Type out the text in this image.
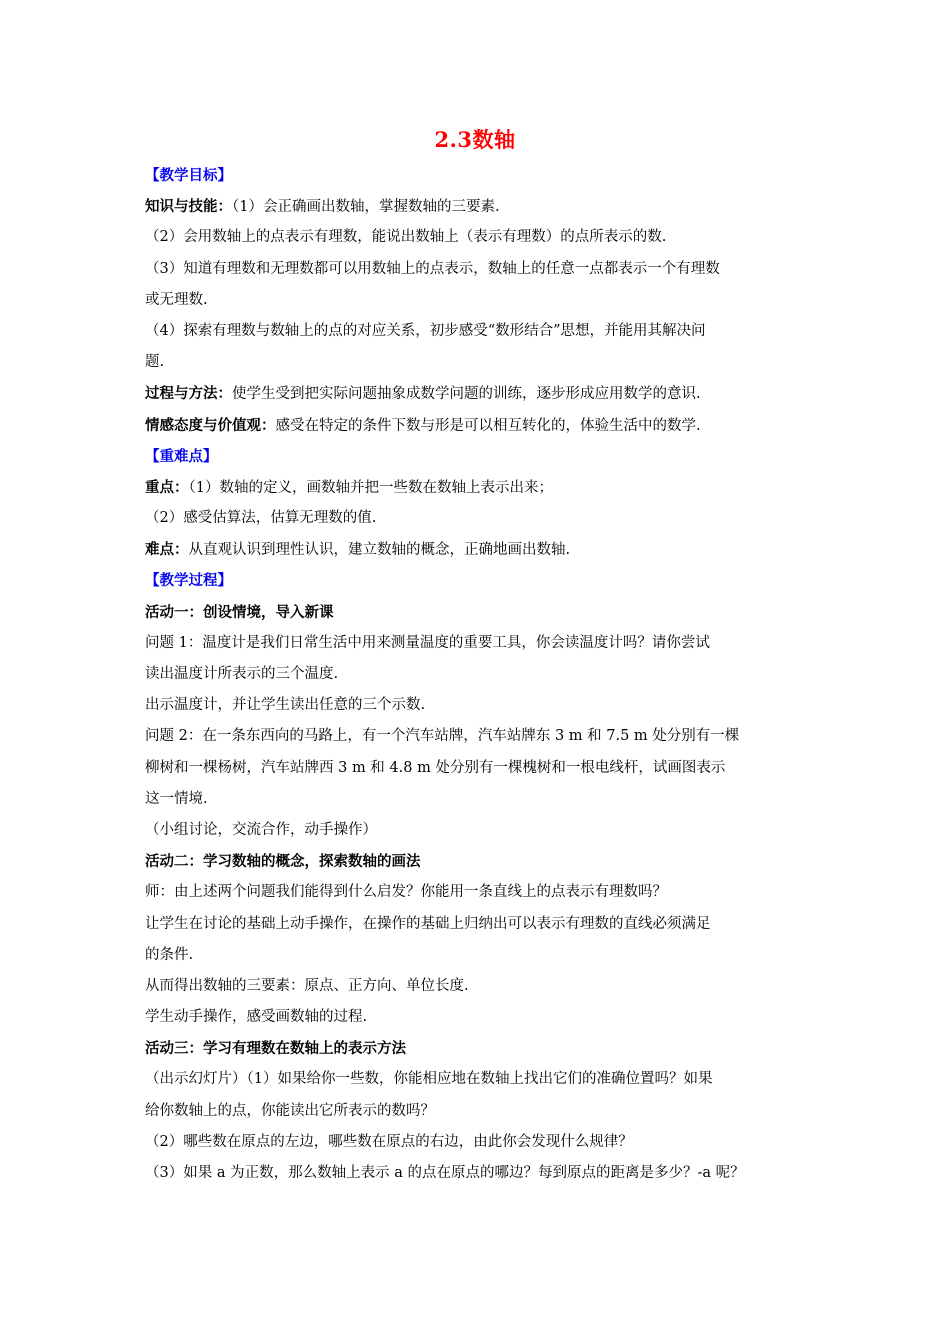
2.3数轴
【教学目标】
知识与技能：（1）会正确画出数轴，掌握数轴的三要素.
（2）会用数轴上的点表示有理数，能说出数轴上（表示有理数）的点所表示的数.
（3）知道有理数和无理数都可以用数轴上的点表示，数轴上的任意一点都表示一个有理数
或无理数.
（4）探索有理数与数轴上的点的对应关系，初步感受“数形结合”思想，并能用其解决问
题.
过程与方法：使学生受到把实际问题抽象成数学问题的训练，逐步形成应用数学的意识.
情感态度与价值观：感受在特定的条件下数与形是可以相互转化的，体验生活中的数学.
【重难点】
重点：（1）数轴的定义，画数轴并把一些数在数轴上表示出来；
（2）感受估算法，估算无理数的值.
难点：从直观认识到理性认识，建立数轴的概念，正确地画出数轴.
【教学过程】
活动一：创设情境，导入新课
问题 1：温度计是我们日常生活中用来测量温度的重要工具，你会读温度计吗？请你尝试
读出温度计所表示的三个温度.
出示温度计，并让学生读出任意的三个示数.
问题 2：在一条东西向的马路上，有一个汽车站牌，汽车站牌东 3 m 和 7.5 m 处分别有一棵
柳树和一棵杨树，汽车站牌西 3 m 和 4.8 m 处分别有一棵槐树和一根电线杆，试画图表示
这一情境.
（小组讨论，交流合作，动手操作）
活动二：学习数轴的概念，探索数轴的画法
师：由上述两个问题我们能得到什么启发？你能用一条直线上的点表示有理数吗？
让学生在讨论的基础上动手操作，在操作的基础上归纳出可以表示有理数的直线必须满足
的条件.
从而得出数轴的三要素：原点、正方向、单位长度.
学生动手操作，感受画数轴的过程.
活动三：学习有理数在数轴上的表示方法
（出示幻灯片）（1）如果给你一些数，你能相应地在数轴上找出它们的准确位置吗？如果
给你数轴上的点，你能读出它所表示的数吗？
（2）哪些数在原点的左边，哪些数在原点的右边，由此你会发现什么规律？
（3）如果 a 为正数，那么数轴上表示 a 的点在原点的哪边？每到原点的距离是多少？-a 呢？
